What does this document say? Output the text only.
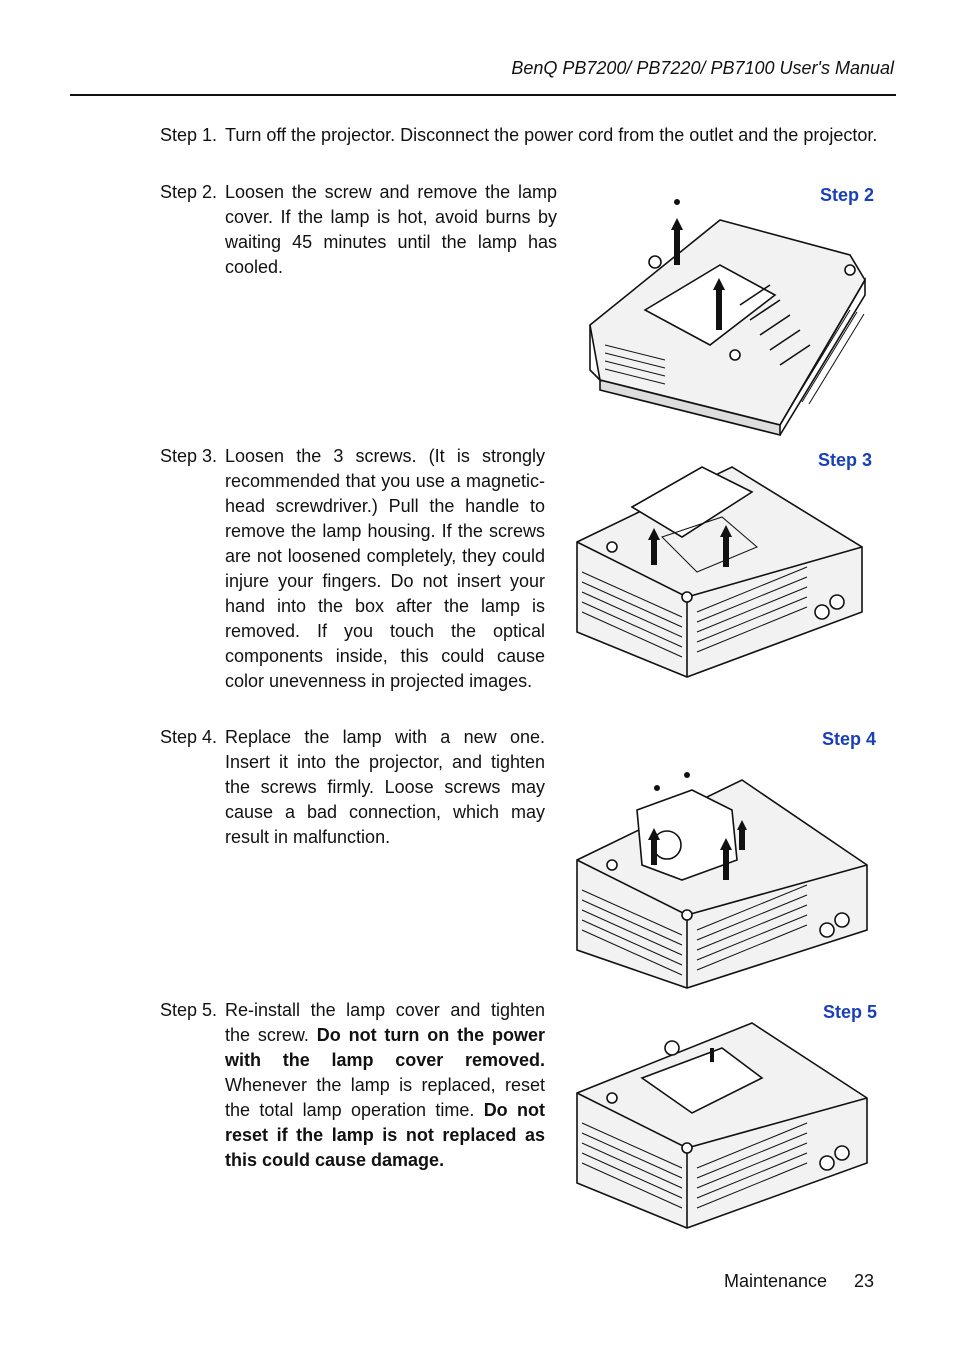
BenQ PB7200/ PB7220/ PB7100 User's Manual
Step 1. Turn off the projector. Disconnect the power cord from the outlet and the projector.
Step 2. Loosen the screw and remove the lamp cover. If the lamp is hot, avoid burns by waiting 45 minutes until the lamp has cooled.
Step 3. Loosen the 3 screws. (It is strongly recommended that you use a magnetic-head screwdriver.) Pull the handle to remove the lamp housing. If the screws are not loosened completely, they could injure your fingers. Do not insert your hand into the box after the lamp is removed. If you touch the optical components inside, this could cause color unevenness in projected images.
Step 4. Replace the lamp with a new one. Insert it into the projector, and tighten the screws firmly. Loose screws may cause a bad connection, which may result in malfunction.
Step 5. Re-install the lamp cover and tighten the screw. Do not turn on the power with the lamp cover removed. Whenever the lamp is replaced, reset the total lamp operation time. Do not reset if the lamp is not replaced as this could cause damage.
Step 2
Step 3
Step 4
Step 5
Maintenance 23
